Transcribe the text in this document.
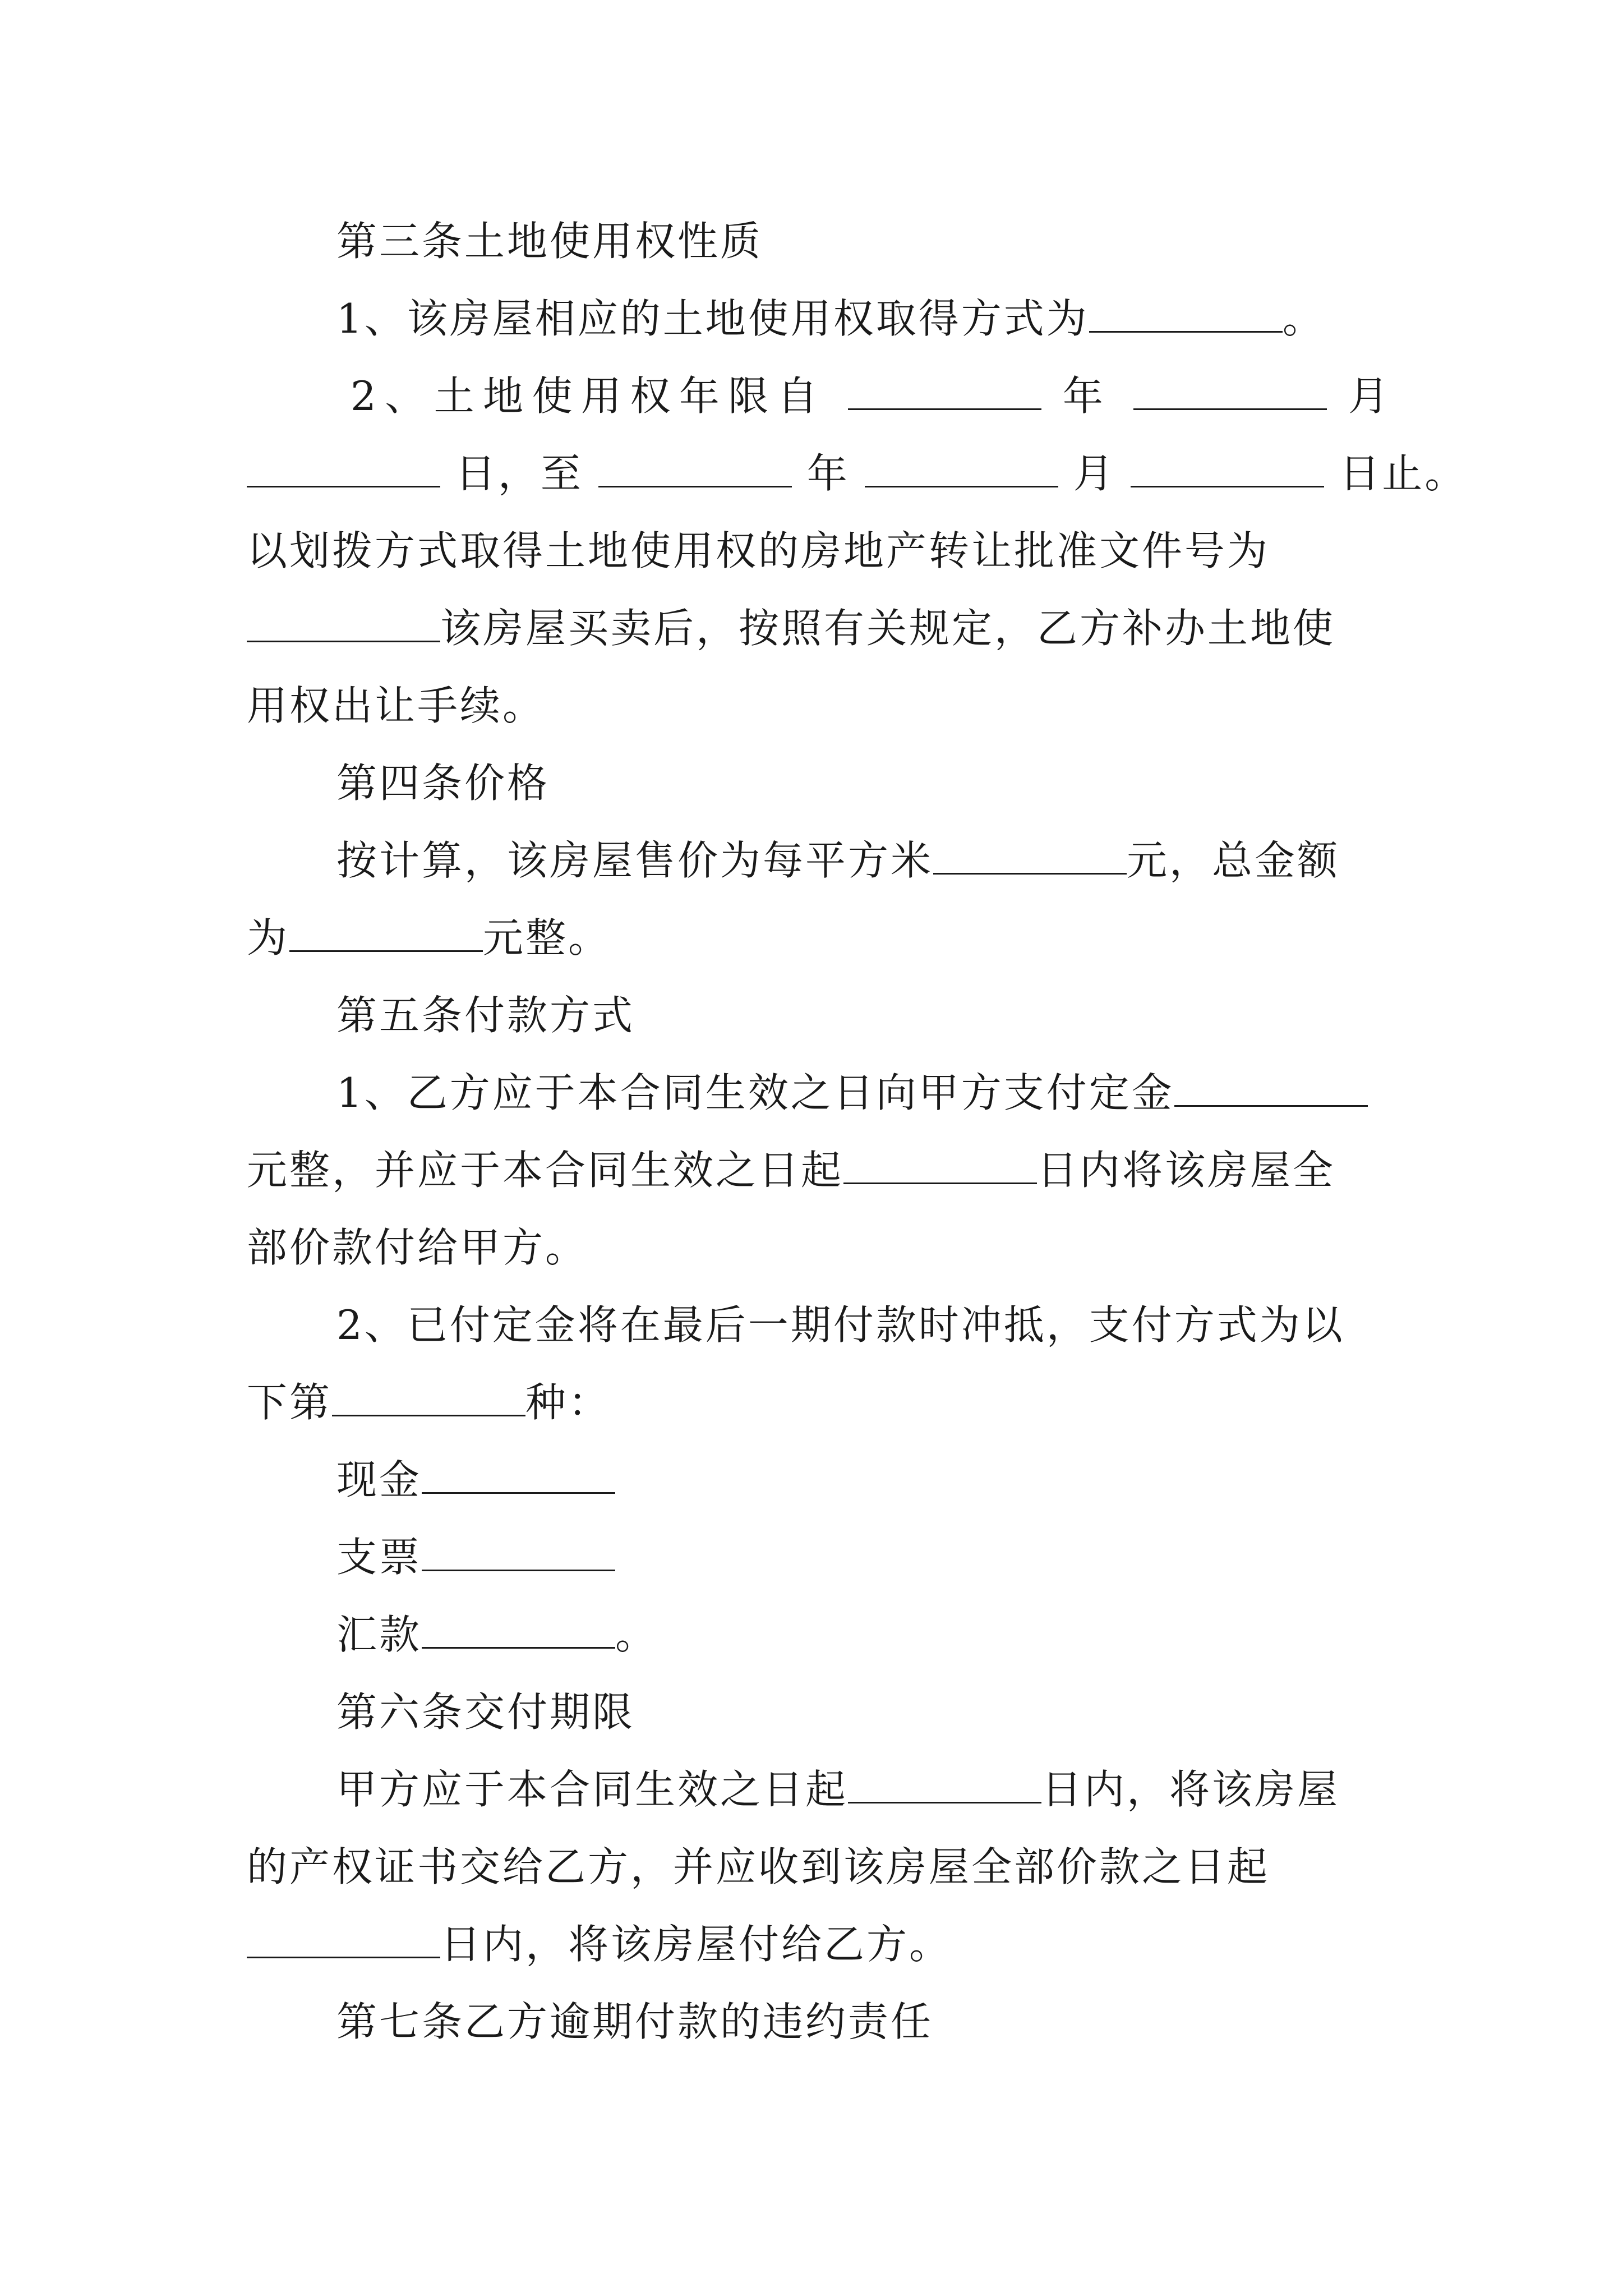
第三条土地使用权性质
1、该房屋相应的土地使用权取得方式为	。
2、土地使用权年限自	年	月
日，至	年	月	日止。
以划拨方式取得土地使用权的房地产转让批准文件号为
该房屋买卖后，按照有关规定，乙方补办土地使
用权出让手续。
第四条价格
按计算，该房屋售价为每平方米	元，总金额
为	元整。
第五条付款方式
1、乙方应于本合同生效之日向甲方支付定金
元整，并应于本合同生效之日起	日内将该房屋全
部价款付给甲方。
2、已付定金将在最后一期付款时冲抵，支付方式为以
下第	种：
现金
支票
汇款	。
第六条交付期限
甲方应于本合同生效之日起	日内，将该房屋
的产权证书交给乙方，并应收到该房屋全部价款之日起
日内，将该房屋付给乙方。
第七条乙方逾期付款的违约责任
